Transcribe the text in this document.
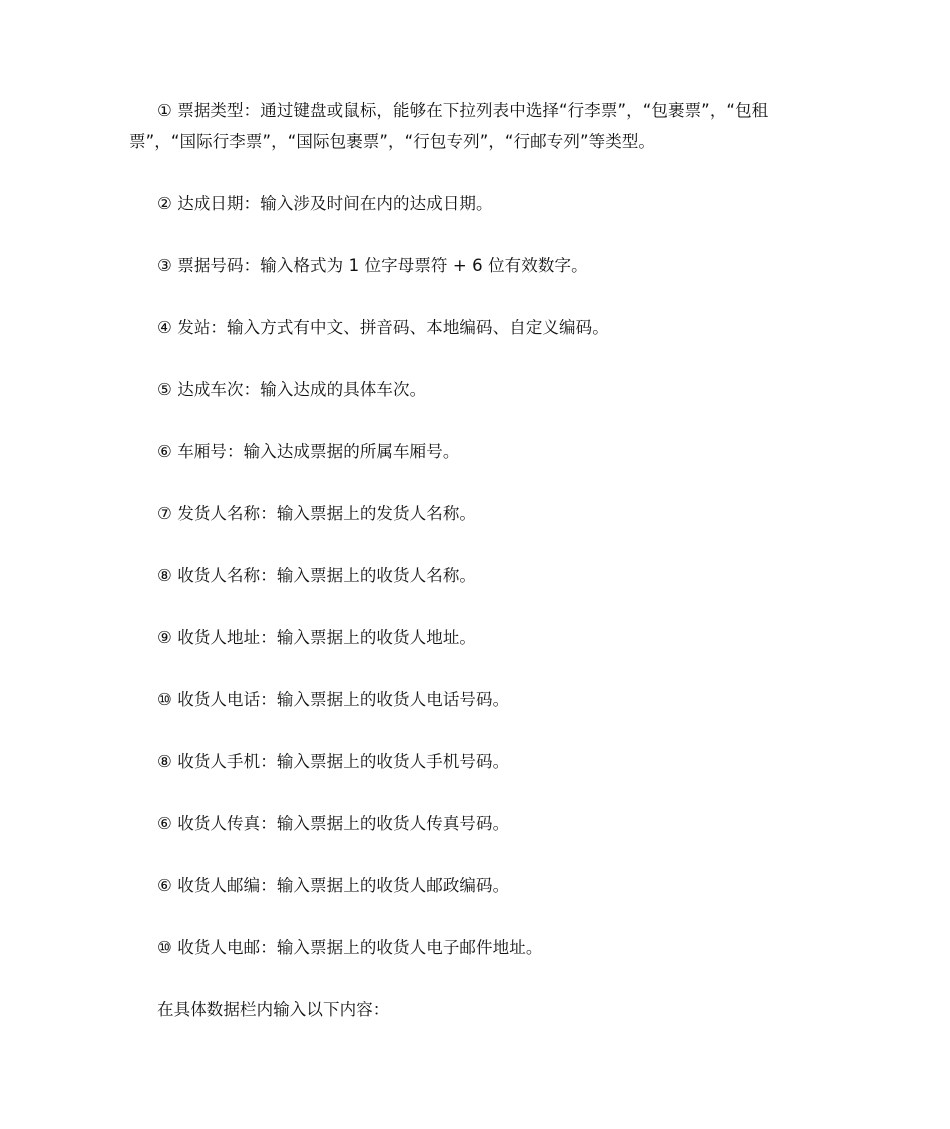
① 票据类型：通过键盘或鼠标，能够在下拉列表中选择“行李票”，“包裹票”，“包租票”，“国际行李票”，“国际包裹票”，“行包专列”，“行邮专列”等类型。

② 达成日期：输入涉及时间在内的达成日期。

③ 票据号码：输入格式为 1 位字母票符 + 6 位有效数字。

④ 发站：输入方式有中文、拼音码、本地编码、自定义编码。

⑤ 达成车次：输入达成的具体车次。

⑥ 车厢号：输入达成票据的所属车厢号。

⑦ 发货人名称：输入票据上的发货人名称。

⑧ 收货人名称：输入票据上的收货人名称。

⑨ 收货人地址：输入票据上的收货人地址。

⑩ 收货人电话：输入票据上的收货人电话号码。

⑧ 收货人手机：输入票据上的收货人手机号码。

⑥ 收货人传真：输入票据上的收货人传真号码。

⑥ 收货人邮编：输入票据上的收货人邮政编码。

⑩ 收货人电邮：输入票据上的收货人电子邮件地址。

在具体数据栏内输入以下内容：
